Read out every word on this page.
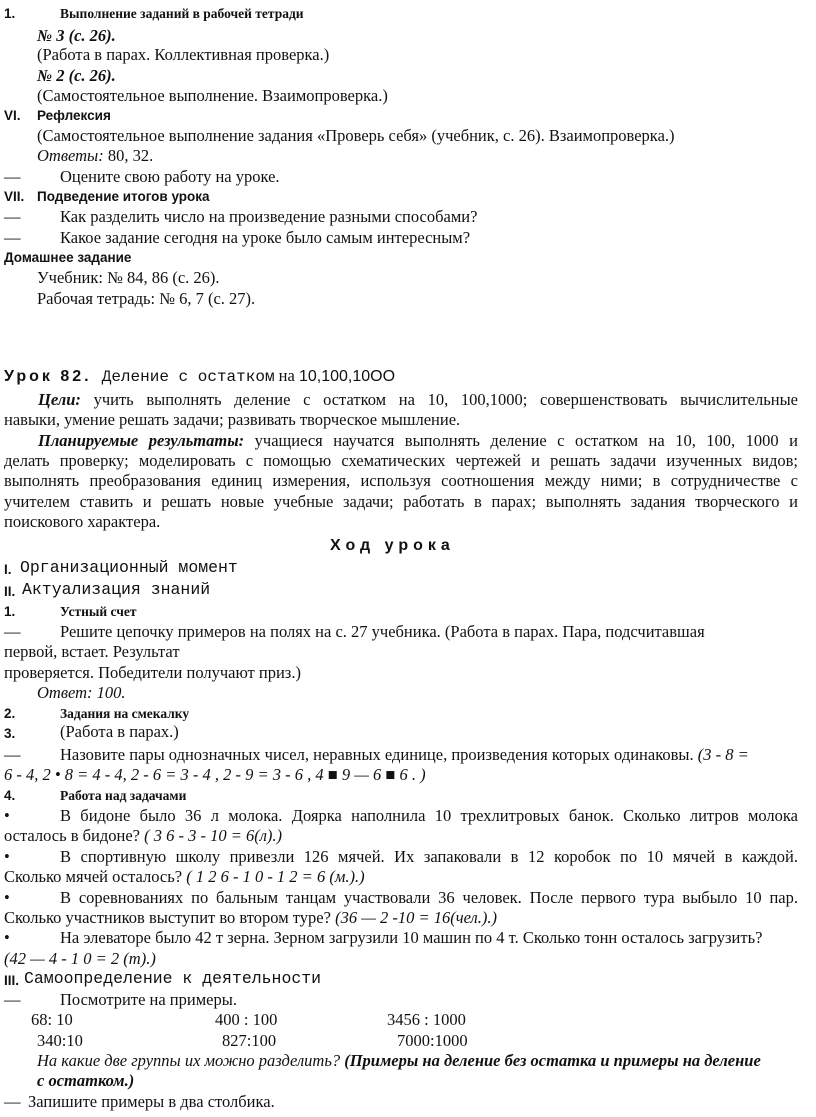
1.	Выполнение заданий в рабочей тетради
№ 3 (с. 26).
(Работа в парах. Коллективная проверка.)
№ 2 (с. 26).
(Самостоятельное выполнение. Взаимопроверка.)
VI. Рефлексия
(Самостоятельное выполнение задания «Проверь себя» (учебник, с. 26). Взаимопроверка.)
Ответы: 80, 32.
— Оцените свою работу на уроке.
VII. Подведение итогов урока
— Как разделить число на произведение разными способами?
— Какое задание сегодня на уроке было самым интересным?
Домашнее задание
Учебник: № 84, 86 (с. 26).
Рабочая тетрадь: № 6, 7 (с. 27).
Урок 82. Деление с остатком на 10,100,10ОО
Цели: учить выполнять деление с остатком на 10, 100,1000; совершенствовать вычислительные
навыки, умение решать задачи; развивать творческое мышление.
Планируемые результаты: учащиеся научатся выполнять деление с остатком на 10, 100, 1000 и
делать проверку; моделировать с помощью схематических чертежей и решать задачи изученных видов;
выполнять преобразования единиц измерения, используя соотношения между ними; в сотрудничестве с
учителем ставить и решать новые учебные задачи; работать в парах; выполнять задания творческого и
поискового характера.
Ход урока
I. Организационный момент
II. Актуализация знаний
1.	Устный счет
— Решите цепочку примеров на полях на с. 27 учебника. (Работа в парах. Пара, подсчитавшая
первой, встает. Результат
проверяется. Победители получают приз.)
Ответ: 100.
2.	Задания на смекалку
3.	(Работа в парах.)
— Назовите пары однозначных чисел, неравных единице, произведения которых одинаковы. (3 - 8 =
6 - 4, 2 • 8 = 4 - 4, 2 - 6 = 3 - 4 , 2 - 9 = 3 - 6 , 4 ■ 9 — 6 ■ 6 . )
4.	Работа над задачами
•	В бидоне было 36 л молока. Доярка наполнила 10 трехлитровых банок. Сколько литров молока
осталось в бидоне? ( 3 6 - 3 - 10 = 6(л).)
•	В спортивную школу привезли 126 мячей. Их запаковали в 12 коробок по 10 мячей в каждой.
Сколько мячей осталось? ( 1 2 6 - 1 0 - 1 2 = 6 (м.).)
•	В соревнованиях по бальным танцам участвовали 36 человек. После первого тура выбыло 10 пар.
Сколько участников выступит во втором туре? (36 — 2 -10 = 16(чел.).)
•	На элеваторе было 42 т зерна. Зерном загрузили 10 машин по 4 т. Сколько тонн осталось загрузить?
(42 — 4 - 1 0 = 2 (т).)
III. Самоопределение к деятельности
— Посмотрите на примеры.
68: 10	400 : 100	3456 : 1000
340:10	827:100	7000:1000
На какие две группы их можно разделить? (Примеры на деление без остатка и примеры на деление
с остатком.)
— Запишите примеры в два столбика.
